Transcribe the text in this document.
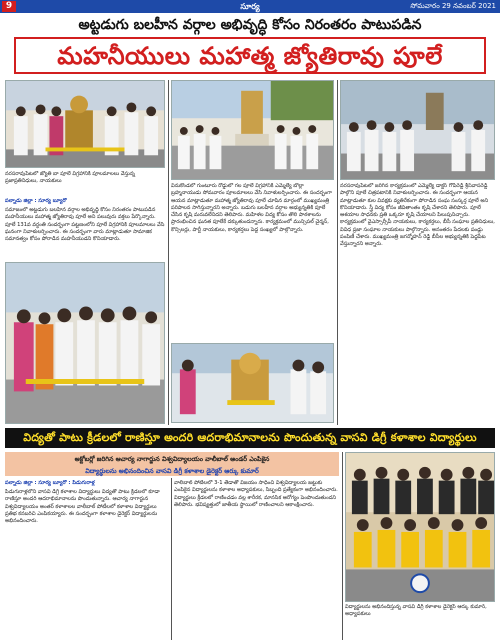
9	సూర్య	సోమవారం 29 నవంబర్ 2021
అట్టడుగు బలహీన వర్గాల అభివృద్ధి కోసం నిరంతరం పాటుపడిన
మహనీయులు మహాత్మ జ్యోతిరావు పూలే
నరసరావుపేటలో జ్యోతి బా పూలే విగ్రహానికి పూలమాలలు వేస్తున్న ప్రజాప్రతినిధులు, నాయకులు
పల్నాడు జిల్లా : సూర్య బ్యూరో
సమాజంలో అట్టడుగు బలహీన వర్గాల అభివృద్ధి కోసం నిరంతరం పాటుపడిన మహనీయులు మహాత్మ జ్యోతిరావు పూలే అని పలువురు వక్తలు పేర్కొన్నారు. పూలే 131వ వర్ధంతి సందర్భంగా పట్టణంలోని పూలే విగ్రహానికి పూలమాలలు వేసి ఘనంగా నివాళులర్పించారు. ఈ సందర్భంగా వారు మాట్లాడుతూ సామాజిక సమానత్వం కోసం పోరాడిన మహనీయుడని కొనియాడారు.
వినుకొండలో గుంటూరు రోడ్డులో గల పూలే విగ్రహానికి ఎమ్మెల్యే బొల్లా బ్రహ్మనాయుడు సోమవారం పూలమాలలు వేసి నివాళులర్పించారు. ఈ సందర్భంగా ఆయన మాట్లాడుతూ మహాత్మ జ్యోతిరావు పూలే చూపిన మార్గంలో ముఖ్యమంత్రి పరిపాలన సాగిస్తున్నారని అన్నారు. బడుగు బలహీన వర్గాల అభ్యున్నతికి పూలే చేసిన కృషి మరువలేనిదని తెలిపారు. మహిళల విద్య కోసం తొలి పాఠశాలను ప్రారంభించిన ఘనత పూలేకే దక్కుతుందన్నారు. కార్యక్రమంలో మున్సిపల్ చైర్మన్, కౌన్సిలర్లు, పార్టీ నాయకులు, కార్యకర్తలు పెద్ద సంఖ్యలో పాల్గొన్నారు.
నరసరావుపేటలో జరిగిన కార్యక్రమంలో ఎమ్మెల్యే డాక్టర్ గోపిరెడ్డి శ్రీనివాసరెడ్డి పాల్గొని పూలే చిత్రపటానికి నివాళులర్పించారు. ఈ సందర్భంగా ఆయన మాట్లాడుతూ కుల వివక్షకు వ్యతిరేకంగా పోరాడిన సంఘ సంస్కర్త పూలే అని కొనియాడారు. స్త్రీ విద్య కోసం జీవితాంతం కృషి చేశారని తెలిపారు. పూలే ఆశయాల సాధనకు ప్రతి ఒక్కరూ కృషి చేయాలని పిలుపునిచ్చారు. కార్యక్రమంలో వైఎస్సార్సీపీ నాయకులు, కార్యకర్తలు, బీసీ సంఘాల ప్రతినిధులు, వివిధ ప్రజా సంఘాల నాయకులు పాల్గొన్నారు. అనంతరం పేదలకు పండ్లు పంపిణీ చేశారు. ముఖ్యమంత్రి జగన్మోహన్ రెడ్డి బీసీల అభ్యున్నతికి పెద్దపీట వేస్తున్నారని అన్నారు.
విద్యతో పాటు క్రీడలలో రాణిస్తూ అందరి ఆదరాభిమానాలను పొందుతున్న వాసవి డిగ్రీ కళాశాల విద్యార్థులు
అక్టోబర్లో జరిగిన ఆచార్య నాగార్జున విశ్వవిద్యాలయం వాలీబాల్ అండర్ ఎంపికైన
విద్యార్థులను అభినందించిన వాసవి డిగ్రీ కళాశాల డైరెక్టర్ ఆర్కు కుమార్
పల్నాడు జిల్లా : సూర్య బ్యూరో : పిడుగురాళ్ల
పిడుగురాళ్లలోని వాసవి డిగ్రీ కళాశాల విద్యార్థులు విద్యతో పాటు క్రీడలలో కూడా రాణిస్తూ అందరి ఆదరాభిమానాలను పొందుతున్నారు. ఆచార్య నాగార్జున విశ్వవిద్యాలయం అంతర్ కళాశాలల వాలీబాల్ పోటీలలో కళాశాల విద్యార్థులు ప్రతిభ కనబరిచి ఎంపికయ్యారు. ఈ సందర్భంగా కళాశాల డైరెక్టర్ విద్యార్థులను అభినందించారు.
వాలీబాల్ పోటీలలో 3-1 తేడాతో విజయం సాధించి విశ్వవిద్యాలయ జట్టుకు ఎంపికైన విద్యార్థులను కళాశాల అధ్యాపకులు, సిబ్బంది ప్రత్యేకంగా అభినందించారు. విద్యార్థులు క్రీడలలో రాణించడం వల్ల శారీరక, మానసిక ఆరోగ్యం పెంపొందుతుందని తెలిపారు. భవిష్యత్తులో జాతీయ స్థాయిలో రాణించాలని ఆకాంక్షించారు.
విద్యార్థులను అభినందిస్తున్న వాసవి డిగ్రీ కళాశాల డైరెక్టర్ ఆర్కు కుమార్, అధ్యాపకులు
